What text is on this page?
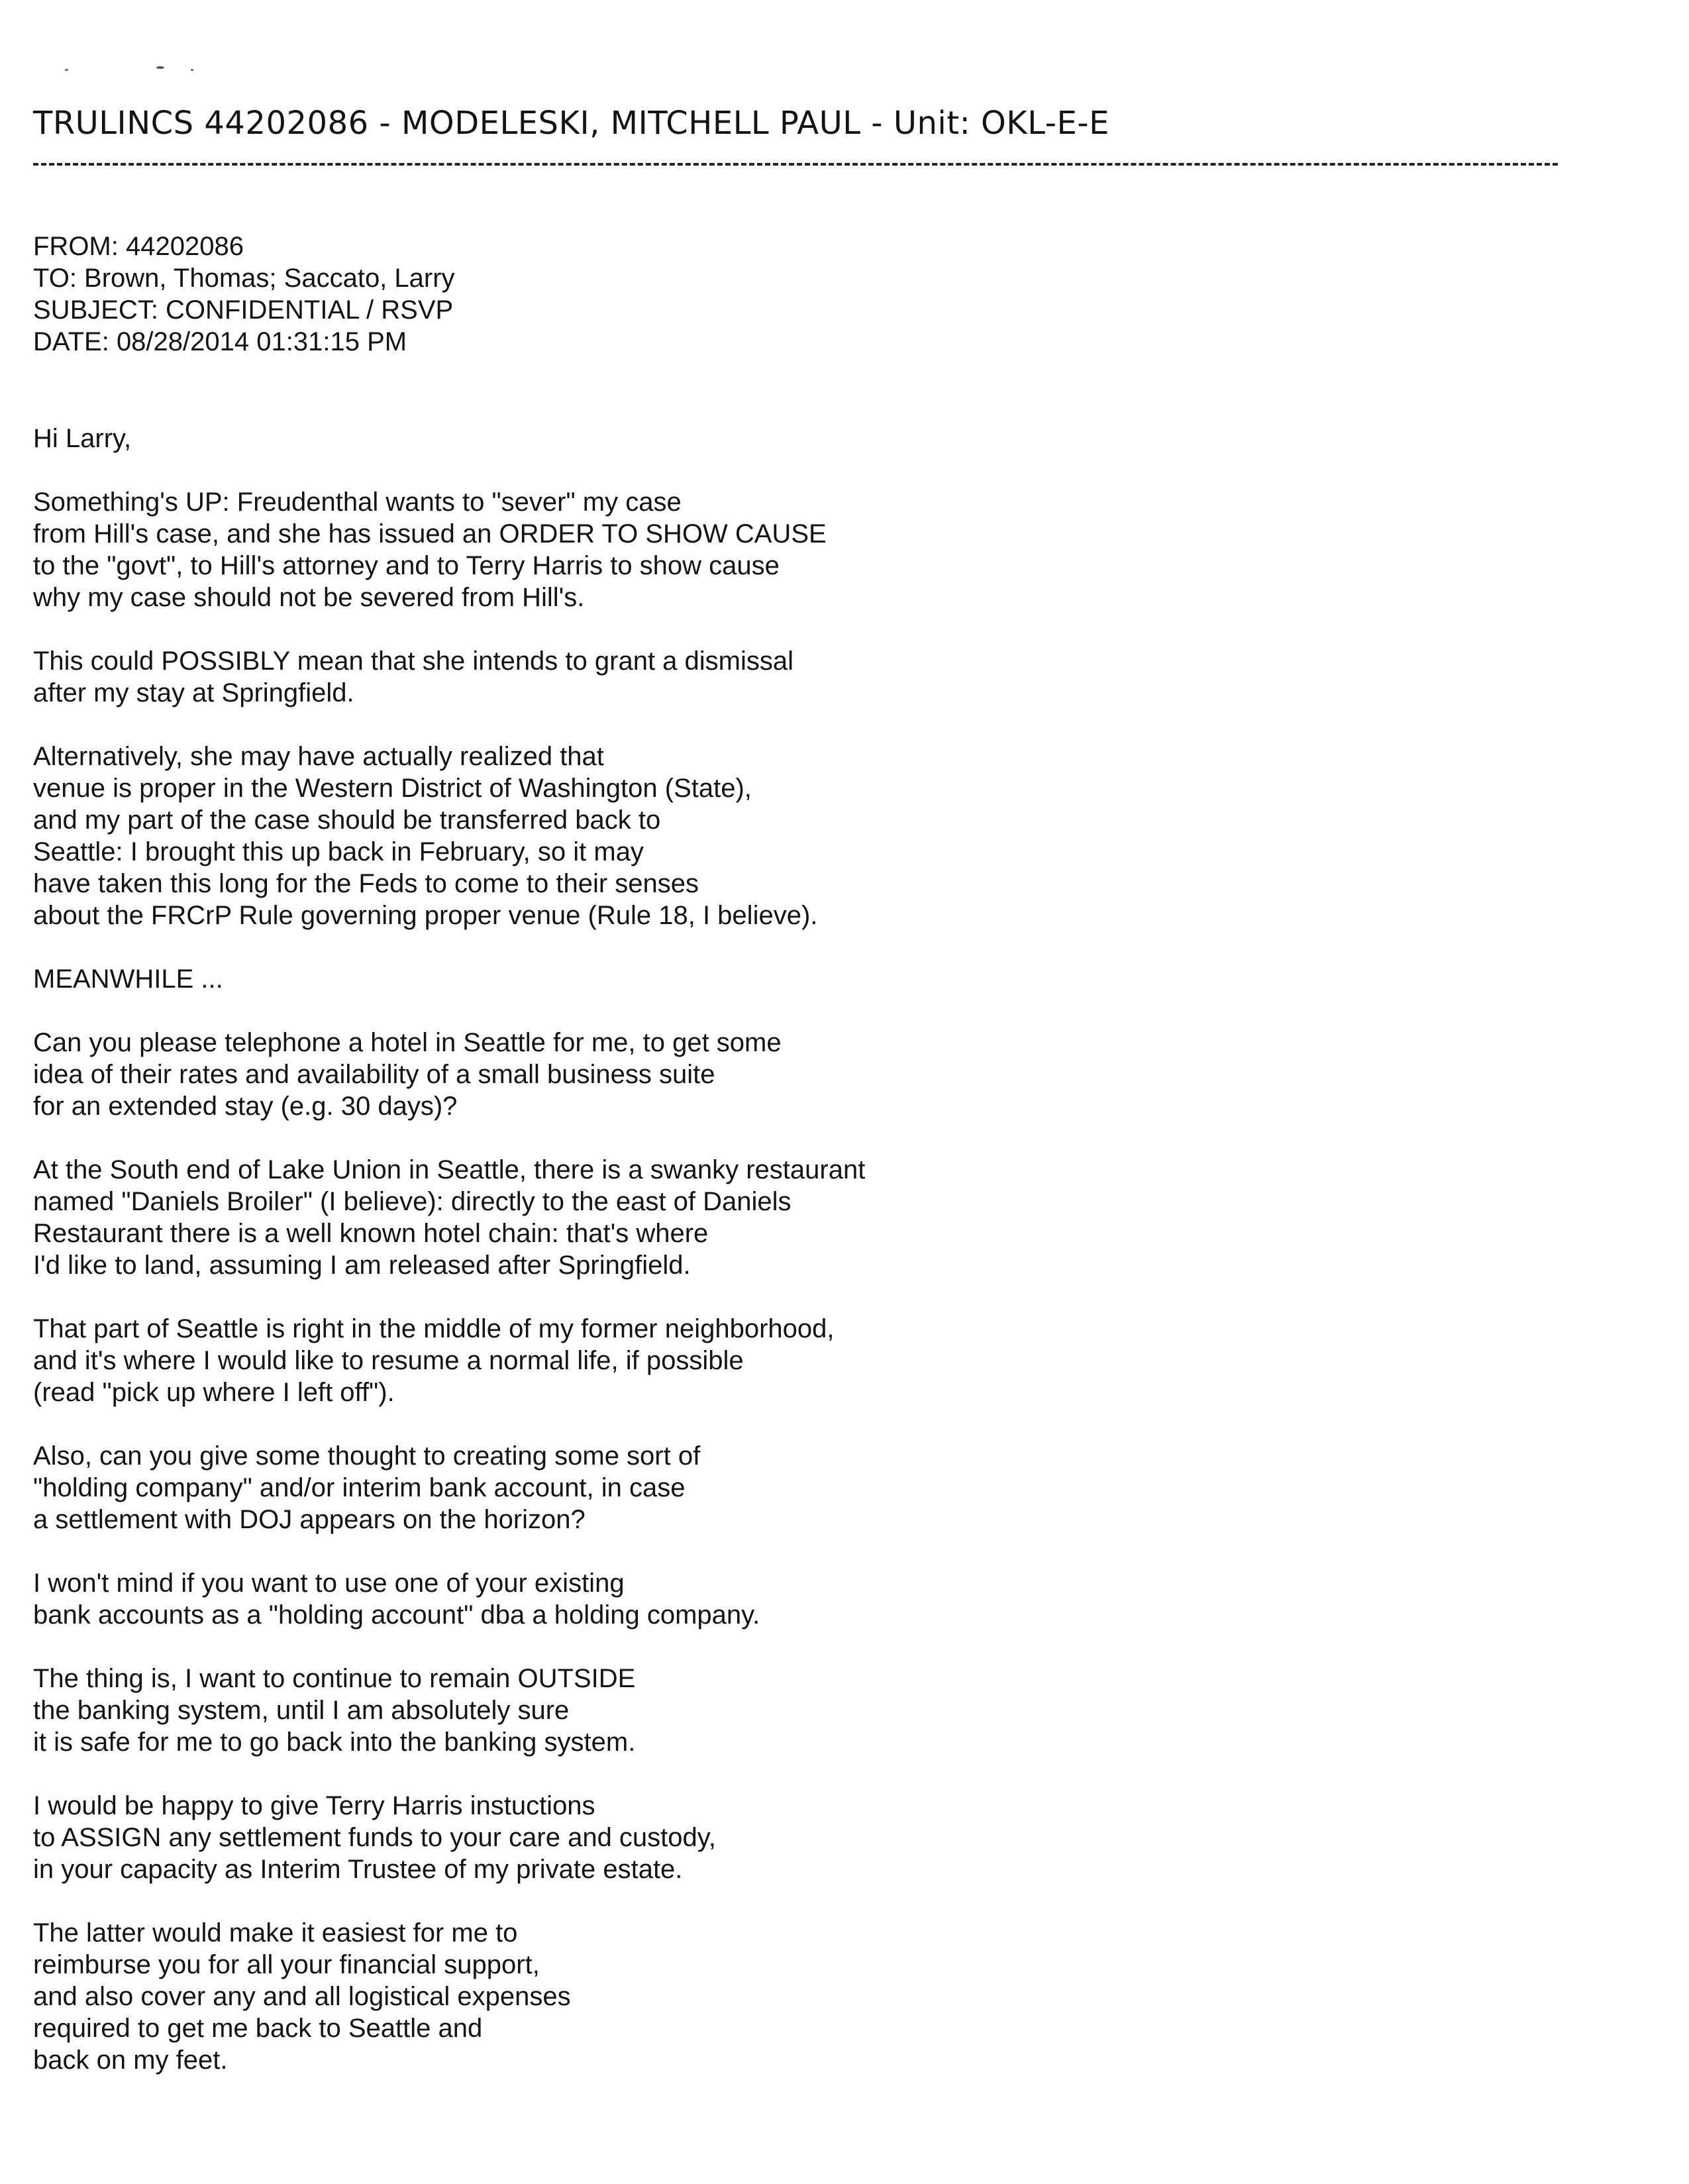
TRULINCS 44202086 - MODELESKI, MITCHELL PAUL - Unit: OKL-E-E
FROM: 44202086
TO: Brown, Thomas; Saccato, Larry
SUBJECT: CONFIDENTIAL / RSVP
DATE: 08/28/2014 01:31:15 PM
Hi Larry,
Something's UP: Freudenthal wants to "sever" my case
from Hill's case, and she has issued an ORDER TO SHOW CAUSE
to the "govt", to Hill's attorney and to Terry Harris to show cause
why my case should not be severed from Hill's.
This could POSSIBLY mean that she intends to grant a dismissal
after my stay at Springfield.
Alternatively, she may have actually realized that
venue is proper in the Western District of Washington (State),
and my part of the case should be transferred back to
Seattle: I brought this up back in February, so it may
have taken this long for the Feds to come to their senses
about the FRCrP Rule governing proper venue (Rule 18, I believe).
MEANWHILE ...
Can you please telephone a hotel in Seattle for me, to get some
idea of their rates and availability of a small business suite
for an extended stay (e.g. 30 days)?
At the South end of Lake Union in Seattle, there is a swanky restaurant
named "Daniels Broiler" (I believe): directly to the east of Daniels
Restaurant there is a well known hotel chain: that's where
I'd like to land, assuming I am released after Springfield.
That part of Seattle is right in the middle of my former neighborhood,
and it's where I would like to resume a normal life, if possible
(read "pick up where I left off").
Also, can you give some thought to creating some sort of
"holding company" and/or interim bank account, in case
a settlement with DOJ appears on the horizon?
I won't mind if you want to use one of your existing
bank accounts as a "holding account" dba a holding company.
The thing is, I want to continue to remain OUTSIDE
the banking system, until I am absolutely sure
it is safe for me to go back into the banking system.
I would be happy to give Terry Harris instuctions
to ASSIGN any settlement funds to your care and custody,
in your capacity as Interim Trustee of my private estate.
The latter would make it easiest for me to
reimburse you for all your financial support,
and also cover any and all logistical expenses
required to get me back to Seattle and
back on my feet.
